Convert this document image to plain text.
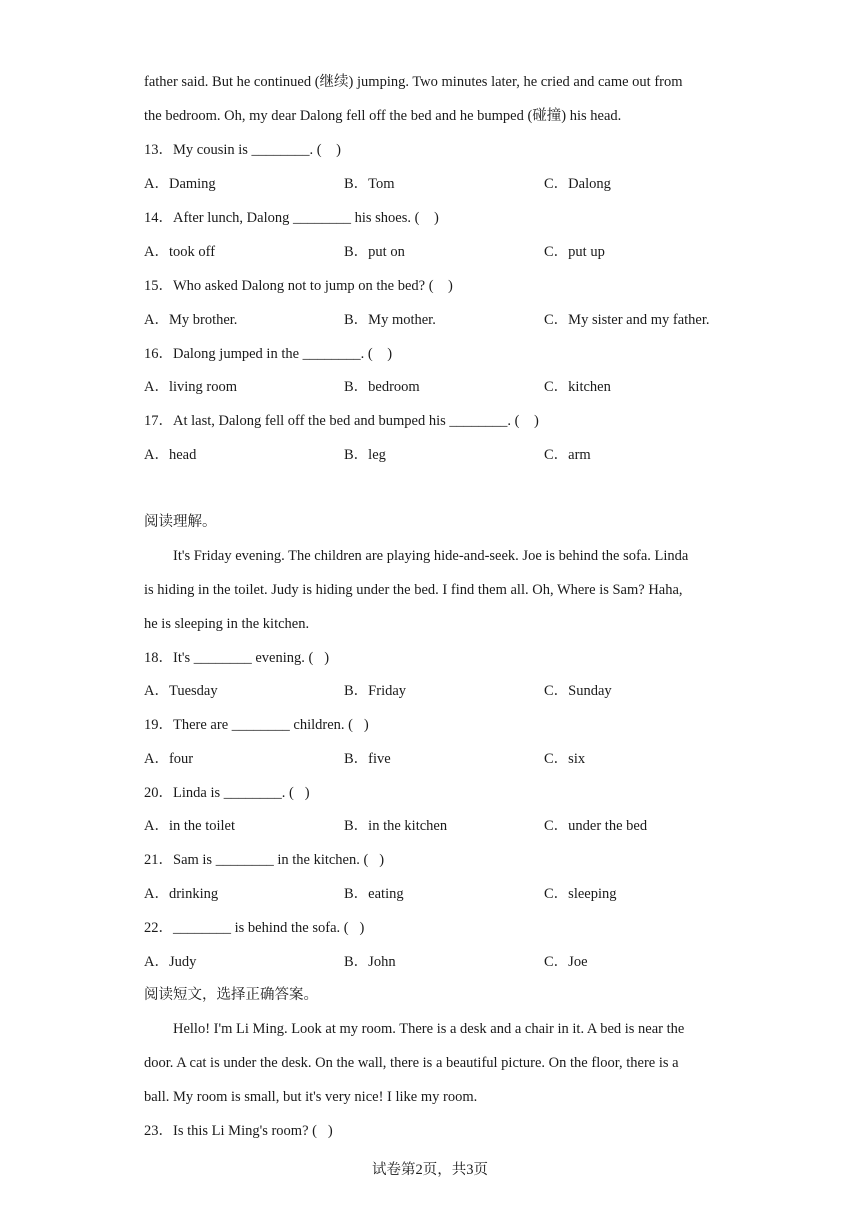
father said. But he continued (继续) jumping. Two minutes later, he cried and came out from
the bedroom. Oh, my dear Dalong fell off the bed and he bumped (碰撞) his head.
13．My cousin is ________. (    )
A．Daming	B．Tom	C．Dalong
14．After lunch, Dalong ________ his shoes. (    )
A．took off	B．put on	C．put up
15．Who asked Dalong not to jump on the bed? (    )
A．My brother.	B．My mother.	C．My sister and my father.
16．Dalong jumped in the ________. (    )
A．living room	B．bedroom	C．kitchen
17．At last, Dalong fell off the bed and bumped his ________. (    )
A．head	B．leg	C．arm
阅读理解。
It's Friday evening. The children are playing hide-and-seek. Joe is behind the sofa. Linda
is hiding in the toilet. Judy is hiding under the bed. I find them all. Oh, Where is Sam? Haha,
he is sleeping in the kitchen.
18．It's ________ evening. (   )
A．Tuesday	B．Friday	C．Sunday
19．There are ________ children. (   )
A．four	B．five	C．six
20．Linda is ________. (   )
A．in the toilet	B．in the kitchen	C．under the bed
21．Sam is ________ in the kitchen. (   )
A．drinking	B．eating	C．sleeping
22．________ is behind the sofa. (   )
A．Judy	B．John	C．Joe
阅读短文，选择正确答案。
Hello! I'm Li Ming. Look at my room. There is a desk and a chair in it. A bed is near the
door. A cat is under the desk. On the wall, there is a beautiful picture. On the floor, there is a
ball. My room is small, but it's very nice! I like my room.
23．Is this Li Ming's room? (   )
试卷第2页，共3页
